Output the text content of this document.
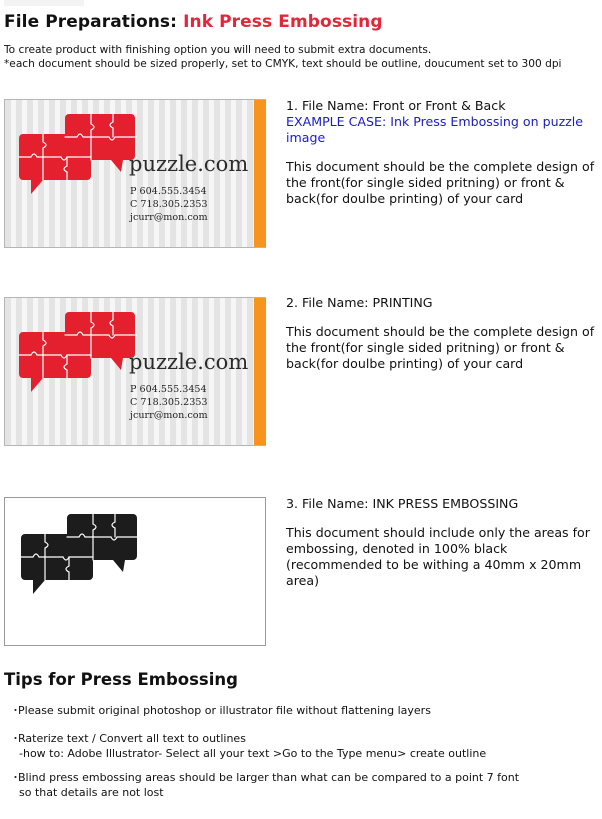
File Preparations: Ink Press Embossing
To create product with finishing option you will need to submit extra documents.
*each document should be sized properly, set to CMYK, text should be outline, doucument set to 300 dpi
puzzle.com
P 604.555.3454
C 718.305.2353
jcurr@mon.com
1. File Name: Front or Front & Back
EXAMPLE CASE: Ink Press Embossing on puzzle image
This document should be the complete design of the front(for single sided pritning) or front & back(for doulbe printing) of your card
puzzle.com
P 604.555.3454
C 718.305.2353
jcurr@mon.com
2. File Name: PRINTING
This document should be the complete design of the front(for single sided pritning) or front & back(for doulbe printing) of your card
3. File Name: INK PRESS EMBOSSING
This document should include only the areas for embossing, denoted in 100% black (recommended to be withing a 40mm x 20mm area)
Tips for Press Embossing
・Please submit original photoshop or illustrator file without flattening layers
・Raterize text / Convert all text to outlines
-how to: Adobe Illustrator- Select all your text >Go to the Type menu> create outline
・Blind press embossing areas should be larger than what can be compared to a point 7 font
so that details are not lost
